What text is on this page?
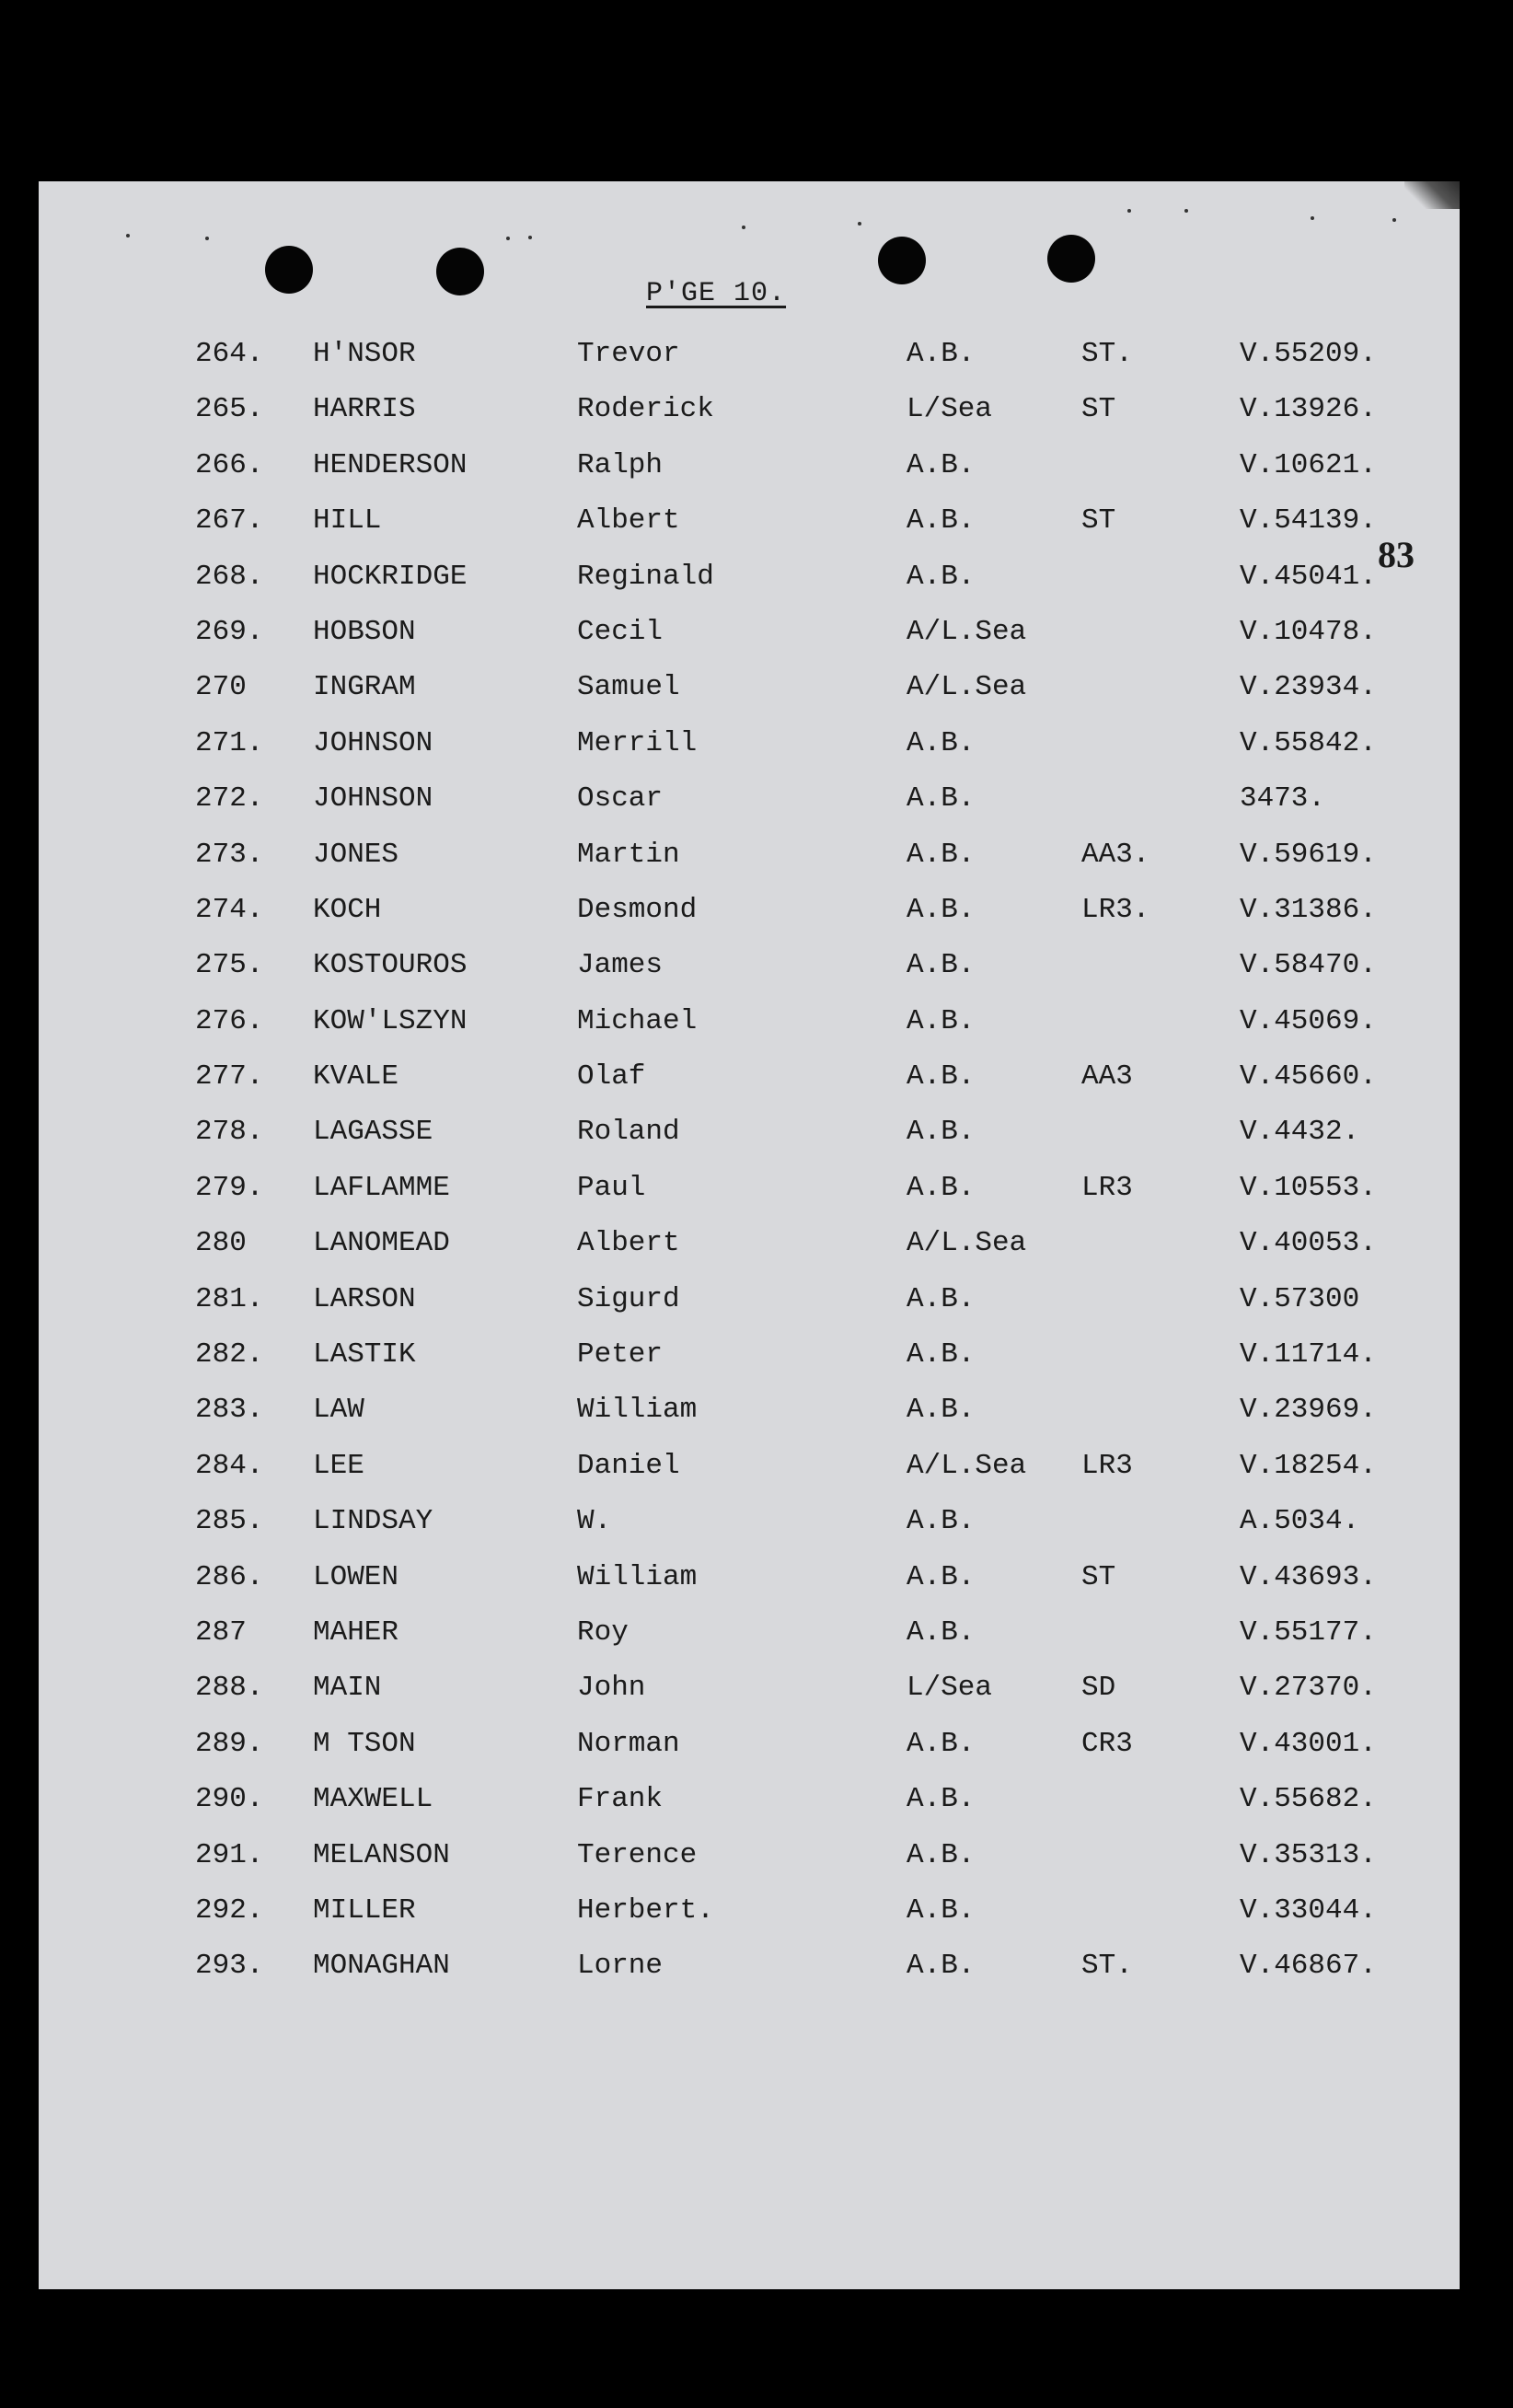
P'GE 10.
83
264. H'NSOR	Trevor	A.B.	ST.	V.55209.
265. HARRIS	Roderick	L/Sea	ST	V.13926.
266. HENDERSON	Ralph	A.B.	V.10621.
267. HILL	Albert	A.B.	ST	V.54139.
268. HOCKRIDGE	Reginald	A.B.	V.45041.
269. HOBSON	Cecil	A/L.Sea	V.10478.
270 INGRAM	Samuel	A/L.Sea	V.23934.
271. JOHNSON	Merrill	A.B.	V.55842.
272. JOHNSON	Oscar	A.B.	3473.
273. JONES	Martin	A.B.	AA3.	V.59619.
274. KOCH	Desmond	A.B.	LR3.	V.31386.
275. KOSTOUROS	James	A.B.	V.58470.
276. KOW'LSZYN	Michael	A.B.	V.45069.
277. KVALE	Olaf	A.B.	AA3	V.45660.
278. LAGASSE	Roland	A.B.	V.4432.
279. LAFLAMME	Paul	A.B.	LR3	V.10553.
280 LANOMEAD	Albert	A/L.Sea	V.40053.
281. LARSON	Sigurd	A.B.	V.57300
282. LASTIK	Peter	A.B.	V.11714.
283. LAW	William	A.B.	V.23969.
284. LEE	Daniel	A/L.Sea LR3	V.18254.
285. LINDSAY	W.	A.B.	A.5034.
286. LOWEN	William	A.B.	ST	V.43693.
287 MAHER	Roy	A.B.	V.55177.
288. MAIN	John	L/Sea	SD	V.27370.
289. M TSON	Norman	A.B.	CR3	V.43001.
290. MAXWELL	Frank	A.B.	V.55682.
291. MELANSON	Terence	A.B.	V.35313.
292. MILLER	Herbert.	A.B.	V.33044.
293. MONAGHAN	Lorne	A.B.	ST.	V.46867.
